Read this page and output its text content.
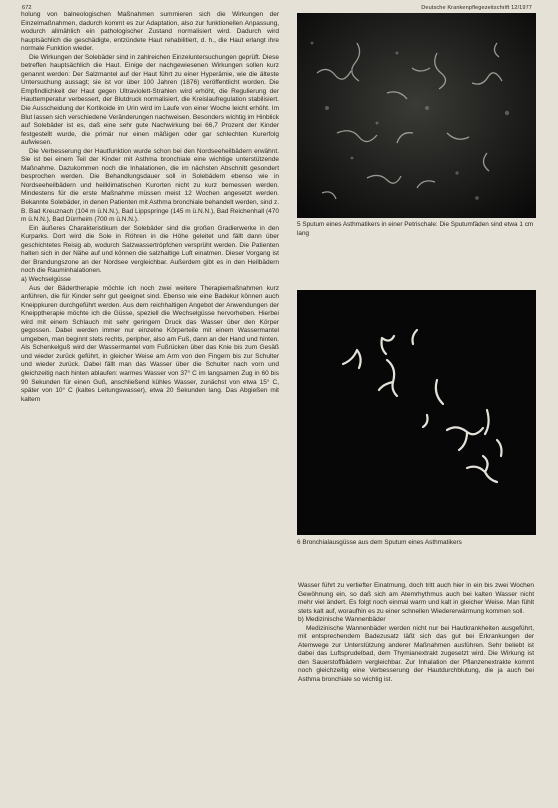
672	Deutsche Krankenpflegezeitschrift 12/1977

holung von balneologischen Maßnahmen summieren sich die Wirkungen der Einzelmaßnahmen, dadurch kommt es zur Adaptation, also zur funktionellen Anpassung, wodurch allmählich ein pathologischer Zustand normalisiert wird. Dadurch wird hauptsächlich die geschädigte, entzündete Haut rehabilitiert, d. h., die Haut erlangt ihre normale Funktion wieder.

Die Wirkungen der Solebäder sind in zahlreichen Einzeluntersuchungen geprüft. Diese betreffen hauptsächlich die Haut. Einige der nachgewiesenen Wirkungen sollen kurz genannt werden: Der Salzmantel auf der Haut führt zu einer Hyperämie, wie die älteste Untersuchung aussagt; sie ist vor über 100 Jahren (1876) veröffentlicht worden. Die Empfindlichkeit der Haut gegen Ultraviolett-Strahlen wird erhöht, die Regulierung der Hauttemperatur verbessert, der Blutdruck normalisiert, die Kreislaufregulation stabilisiert. Die Ausscheidung der Kortikoide im Urin wird im Laufe von einer Woche leicht erhöht. Im Blut lassen sich verschiedene Veränderungen nachweisen. Besonders wichtig im Hinblick auf Solebäder ist es, daß eine sehr gute Nachwirkung bei 66,7 Prozent der Kinder festgestellt wurde, die primär nur einen mäßigen oder gar schlechten Kurerfolg aufwiesen.

Die Verbesserung der Hautfunktion wurde schon bei den Nordseeheilbädern erwähnt. Sie ist bei einem Teil der Kinder mit Asthma bronchiale eine wichtige unterstützende Maßnahme. Dazukommen noch die Inhalationen, die im nächsten Abschnitt gesondert besprochen werden. Die Behandlungsdauer soll in Solebädern ebenso wie in Nordseeheilbädern und heilklimatischen Kurorten nicht zu kurz bemessen werden. Mindestens für die erste Maßnahme müssen meist 12 Wochen angesetzt werden. Bekannte Solebäder, in denen Patienten mit Asthma bronchiale behandelt werden, sind z. B. Bad Kreuznach (104 m ü.N.N.), Bad Lippspringe (145 m ü.N.N.), Bad Reichenhall (470 m ü.N.N.), Bad Dürrheim (700 m ü.N.N.).

Ein äußeres Charakteristikum der Solebäder sind die großen Gradierwerke in den Kurparks. Dort wird die Sole in Röhren in die Höhe geleitet und fällt dann über geschichtetes Reisig ab, wodurch Salzwassertröpfchen versprüht werden. Die Patienten halten sich in der Nähe auf und können die salzhaltige Luft einatmen. Dieser Vorgang ist der Brandungszone an der Nordsee vergleichbar. Außerdem gibt es in den Heilbädern noch die Rauminhalationen.

a) Wechselgüsse

Aus der Bädertherapie möchte ich noch zwei weitere Therapiemaßnahmen kurz anführen, die für Kinder sehr gut geeignet sind. Ebenso wie eine Badekur können auch Kneippkuren durchgeführt werden. Aus dem reichhaltigen Angebot der Anwendungen der Kneipptherapie möchte ich die Güsse, speziell die Wechselgüsse hervorheben. Hierbei wird mit einem Schlauch mit sehr geringem Druck das Wasser über den Körper gegossen. Dabei werden immer nur einzelne Körperteile mit einem Wassermantel umgeben, man beginnt stets rechts, peripher, also am Fuß, dann an der Hand und hinten. Als Schenkelguß wird der Wassermantel vom Fußrücken über das Knie bis zum Gesäß und wieder zurück geführt, in gleicher Weise am Arm von den Fingern bis zur Schulter und wieder zurück. Dabei fällt man das Wasser über die Schulter nach vorn und gleichzeitig nach hinten ablaufen: warmes Wasser von 37° C im langsamen Zug in 60 bis 90 Sekunden für einen Guß, anschließend kühles Wasser, zunächst von etwa 15° C, später von 10° C (kaltes Leitungswasser), etwa 20 Sekunden lang. Das Abgießen mit kaltem

5 Sputum eines Asthmatikers in einer Petrischale: Die Sputumfäden sind etwa 1 cm lang
6 Bronchialausgüsse aus dem Sputum eines Asthmatikers

Wasser führt zu vertiefter Einatmung, doch tritt auch hier in ein bis zwei Wochen Gewöhnung ein, so daß sich am Atemrhythmus auch bei kalten Wasser nicht mehr viel ändert. Es folgt noch einmal warm und kalt in gleicher Weise. Man fühlt stets kalt auf, woraufhin es zu einer schnellen Wiedererwärmung kommen soll.

b) Medizinische Wannenbäder

Medizinische Wannenbäder werden nicht nur bei Hautkrankheiten ausgeführt, mit entsprechendem Badezusatz läßt sich das gut bei Erkrankungen der Atemwege zur Unterstützung anderer Maßnahmen ausführen. Sehr beliebt ist dabei das Luftsprudelbad, dem Thymianextrakt zugesetzt wird. Die Wirkung ist den Sauerstoffbädern vergleichbar. Zur Inhalation der Pflanzenextrakte kommt noch gleichzeitig eine Verbesserung der Hautdurchblutung, die ja auch bei Asthma bronchiale so wichtig ist.
